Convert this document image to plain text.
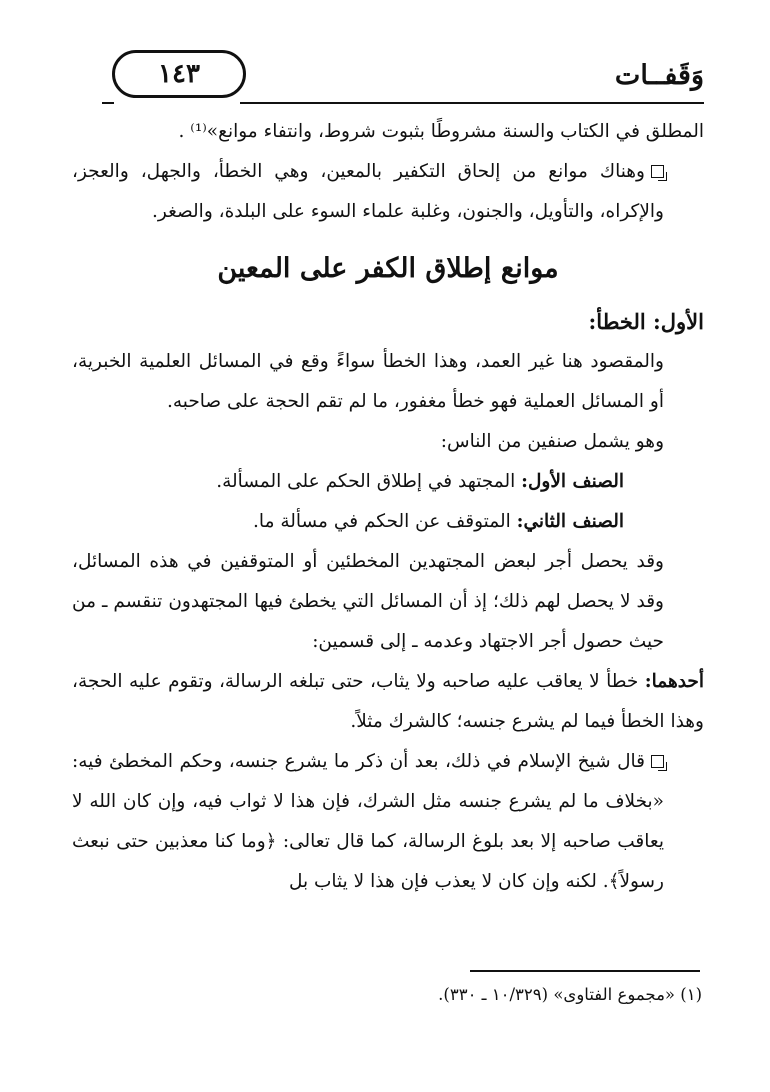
١٤٣	وَقَفــات

المطلق في الكتاب والسنة مشروطًا بثبوت شروط، وانتفاء موانع»⁽¹⁾ .

وهناك موانع من إلحاق التكفير بالمعين، وهي الخطأ، والجهل، والعجز، والإكراه، والتأويل، والجنون، وغلبة علماء السوء على البلدة، والصغر.

موانع إطلاق الكفر على المعين

الأول: الخطأ:

والمقصود هنا غير العمد، وهذا الخطأ سواءً وقع في المسائل العلمية الخبرية، أو المسائل العملية فهو خطأ مغفور، ما لم تقم الحجة على صاحبه.

وهو يشمل صنفين من الناس:

الصنف الأول: المجتهد في إطلاق الحكم على المسألة.

الصنف الثاني: المتوقف عن الحكم في مسألة ما.

وقد يحصل أجر لبعض المجتهدين المخطئين أو المتوقفين في هذه المسائل، وقد لا يحصل لهم ذلك؛ إذ أن المسائل التي يخطئ فيها المجتهدون تنقسم ـ من حيث حصول أجر الاجتهاد وعدمه ـ إلى قسمين:

أحدهما: خطأ لا يعاقب عليه صاحبه ولا يثاب، حتى تبلغه الرسالة، وتقوم عليه الحجة، وهذا الخطأ فيما لم يشرع جنسه؛ كالشرك مثلاً.

قال شيخ الإسلام في ذلك، بعد أن ذكر ما يشرع جنسه، وحكم المخطئ فيه: «بخلاف ما لم يشرع جنسه مثل الشرك، فإن هذا لا ثواب فيه، وإن كان الله لا يعاقب صاحبه إلا بعد بلوغ الرسالة، كما قال تعالى: ﴿وما كنا معذبين حتى نبعث رسولاً﴾. لكنه وإن كان لا يعذب فإن هذا لا يثاب بل

(١) «مجموع الفتاوى» (١٠/٣٢٩ ـ ٣٣٠).
